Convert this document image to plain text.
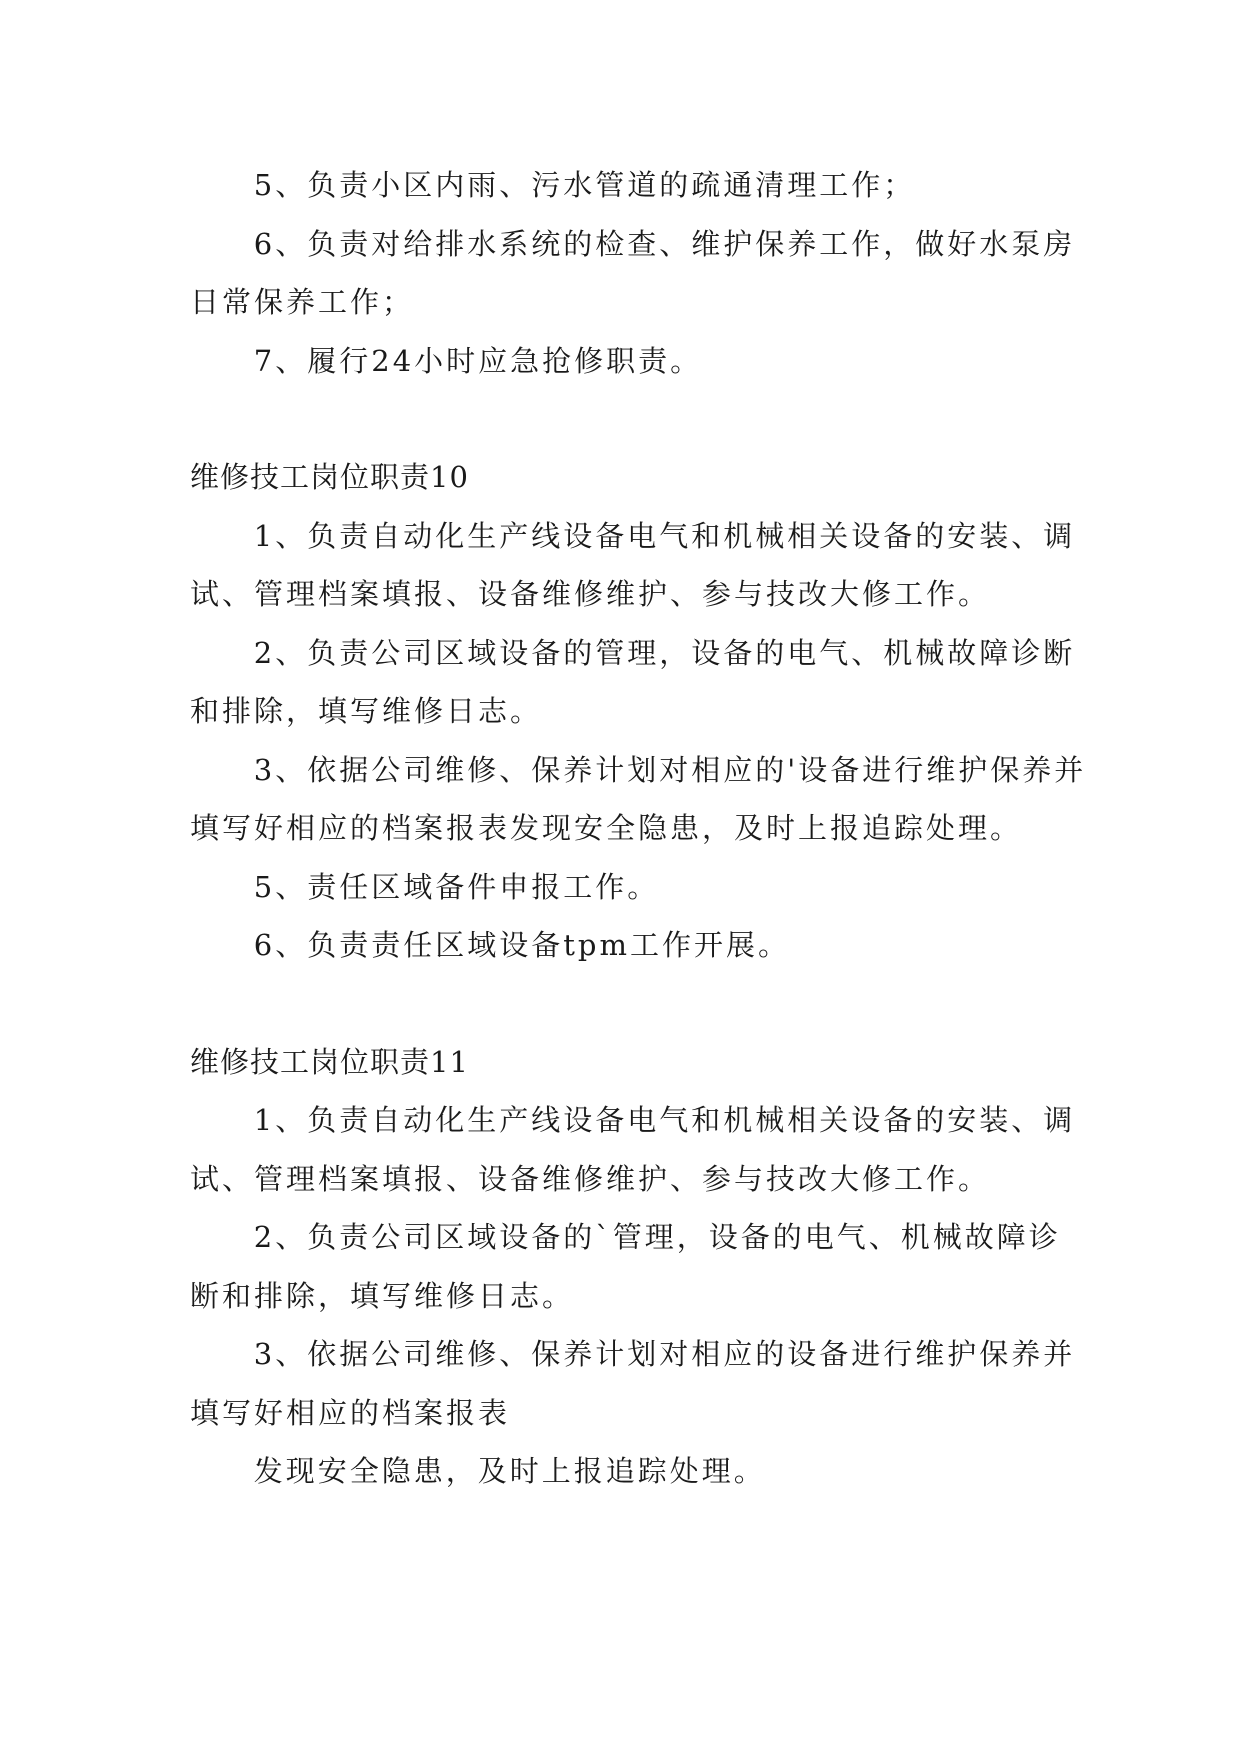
5、负责小区内雨、污水管道的疏通清理工作；

6、负责对给排水系统的检查、维护保养工作，做好水泵房日常保养工作；

7、履行24小时应急抢修职责。

维修技工岗位职责10

1、负责自动化生产线设备电气和机械相关设备的安装、调试、管理档案填报、设备维修维护、参与技改大修工作。

2、负责公司区域设备的管理，设备的电气、机械故障诊断和排除，填写维修日志。

3、依据公司维修、保养计划对相应的'设备进行维护保养并填写好相应的档案报表发现安全隐患，及时上报追踪处理。

5、责任区域备件申报工作。

6、负责责任区域设备tpm工作开展。

维修技工岗位职责11

1、负责自动化生产线设备电气和机械相关设备的安装、调试、管理档案填报、设备维修维护、参与技改大修工作。

2、负责公司区域设备的`管理，设备的电气、机械故障诊断和排除，填写维修日志。

3、依据公司维修、保养计划对相应的设备进行维护保养并填写好相应的档案报表

发现安全隐患，及时上报追踪处理。
